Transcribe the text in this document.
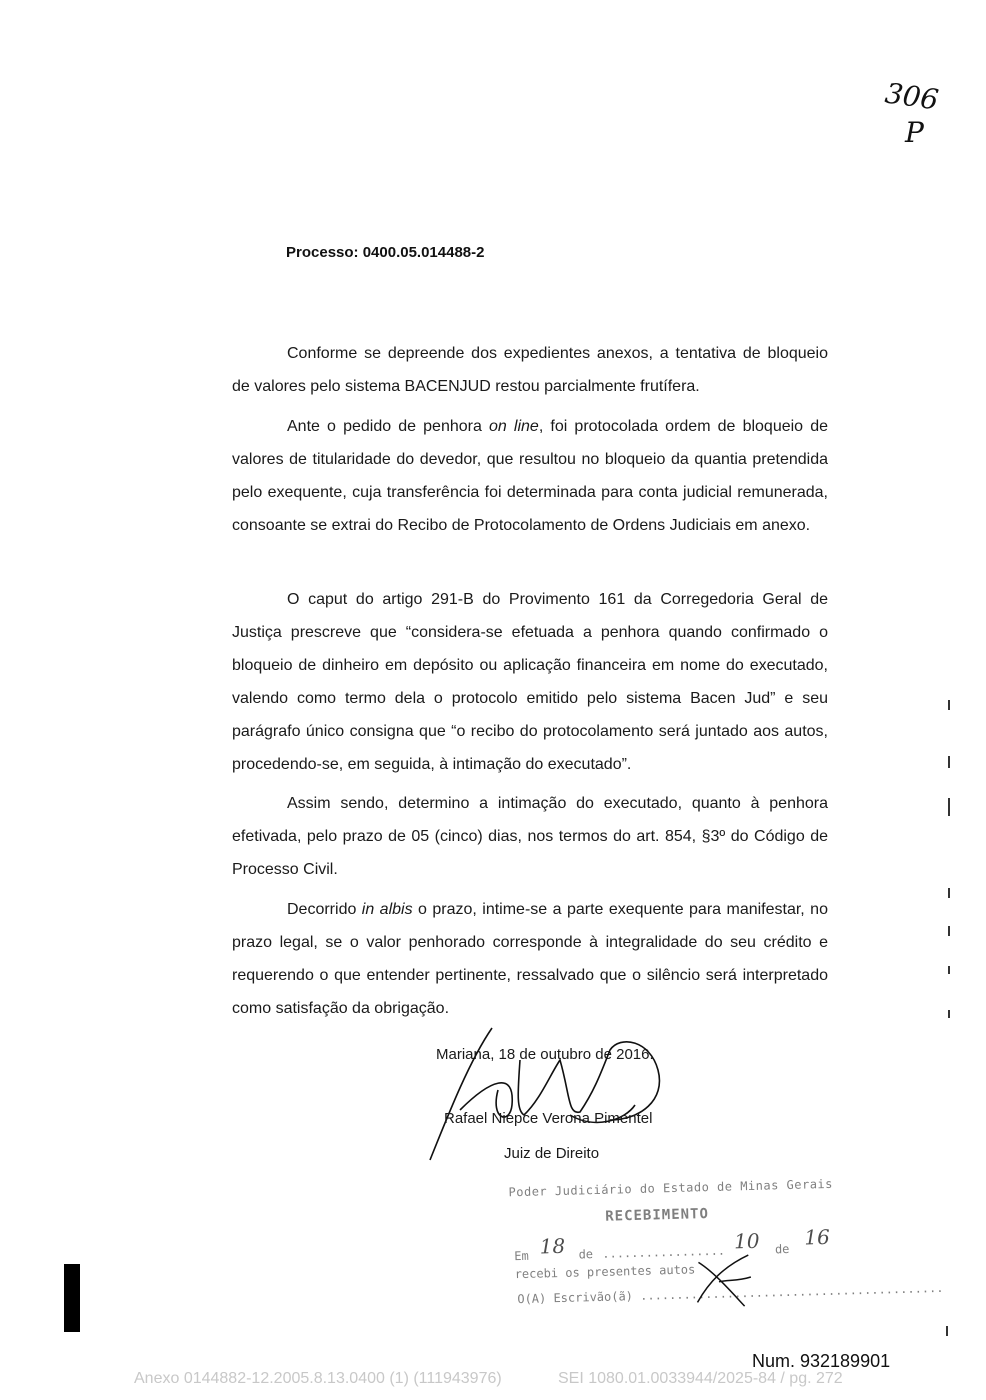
306
P
Processo: 0400.05.014488-2
Conforme se depreende dos expedientes anexos, a tentativa de bloqueio de valores pelo sistema BACENJUD restou parcialmente frutífera.
Ante o pedido de penhora on line, foi protocolada ordem de bloqueio de valores de titularidade do devedor, que resultou no bloqueio da quantia pretendida pelo exequente, cuja transferência foi determinada para conta judicial remunerada, consoante se extrai do Recibo de Protocolamento de Ordens Judiciais em anexo.
O caput do artigo 291-B do Provimento 161 da Corregedoria Geral de Justiça prescreve que “considera-se efetuada a penhora quando confirmado o bloqueio de dinheiro em depósito ou aplicação financeira em nome do executado, valendo como termo dela o protocolo emitido pelo sistema Bacen Jud” e seu parágrafo único consigna que “o recibo do protocolamento será juntado aos autos, procedendo-se, em seguida, à intimação do executado”.
Assim sendo, determino a intimação do executado, quanto à penhora efetivada, pelo prazo de 05 (cinco) dias, nos termos do art. 854, §3º do Código de Processo Civil.
Decorrido in albis o prazo, intime-se a parte exequente para manifestar, no prazo legal, se o valor penhorado corresponde à integralidade do seu crédito e requerendo o que entender pertinente, ressalvado que o silêncio será interpretado como satisfação da obrigação.
Mariana, 18 de outubro de 2016.
Rafael Niepce Verona Pimentel
Juiz de Direito
Poder Judiciário do Estado de Minas Gerais
RECEBIMENTO
Em 18 de ................. 10 de 16
recebi os presentes autos
O(A) Escrivão(ã) ..........................................
Num. 932189901
Anexo 0144882-12.2005.8.13.0400 (1) (111943976)	SEI 1080.01.0033944/2025-84 / pg. 272
